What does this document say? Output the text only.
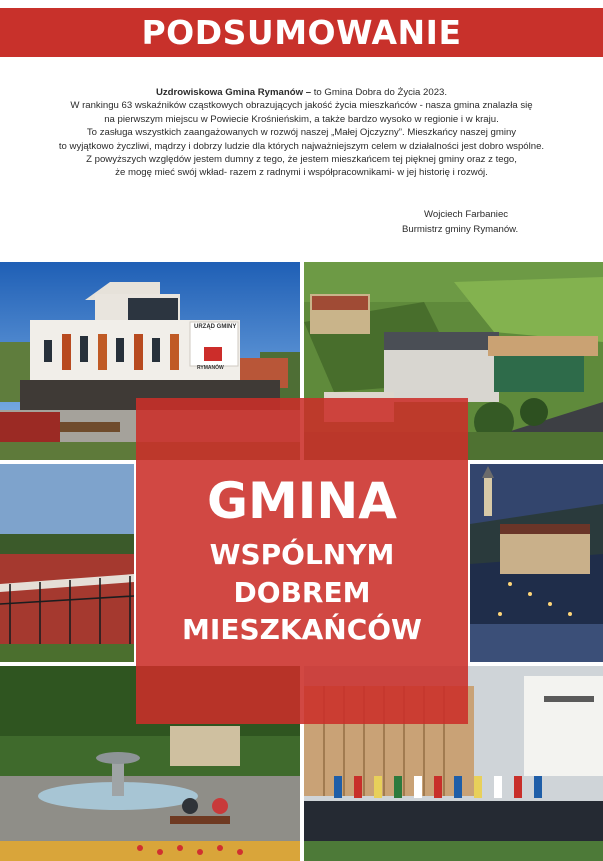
PODSUMOWANIE

Uzdrowiskowa Gmina Rymanów – to Gmina Dobra do Życia 2023.

W rankingu 63 wskaźników cząstkowych obrazujących jakość życia mieszkańców - nasza gmina znalazła się

na pierwszym miejscu w Powiecie Krośnieńskim, a także bardzo wysoko w regionie i w kraju.

To zasługa wszystkich zaangażowanych w rozwój naszej „Małej Ojczyzny”. Mieszkańcy naszej gminy

to wyjątkowo życzliwi, mądrzy i dobrzy ludzie dla których najważniejszym celem w działalności jest dobro wspólne.

Z powyższych względów jestem dumny z tego, że jestem mieszkańcem tej pięknej gminy oraz z tego,

że mogę mieć swój wkład- razem z radnymi i współpracownikami- w jej historię i rozwój.

Wojciech Farbaniec
Burmistrz gminy Rymanów.
URZĄD GMINY
RYMANÓW
GMINA
WSPÓLNYM
DOBREM
MIESZKAŃCÓW
